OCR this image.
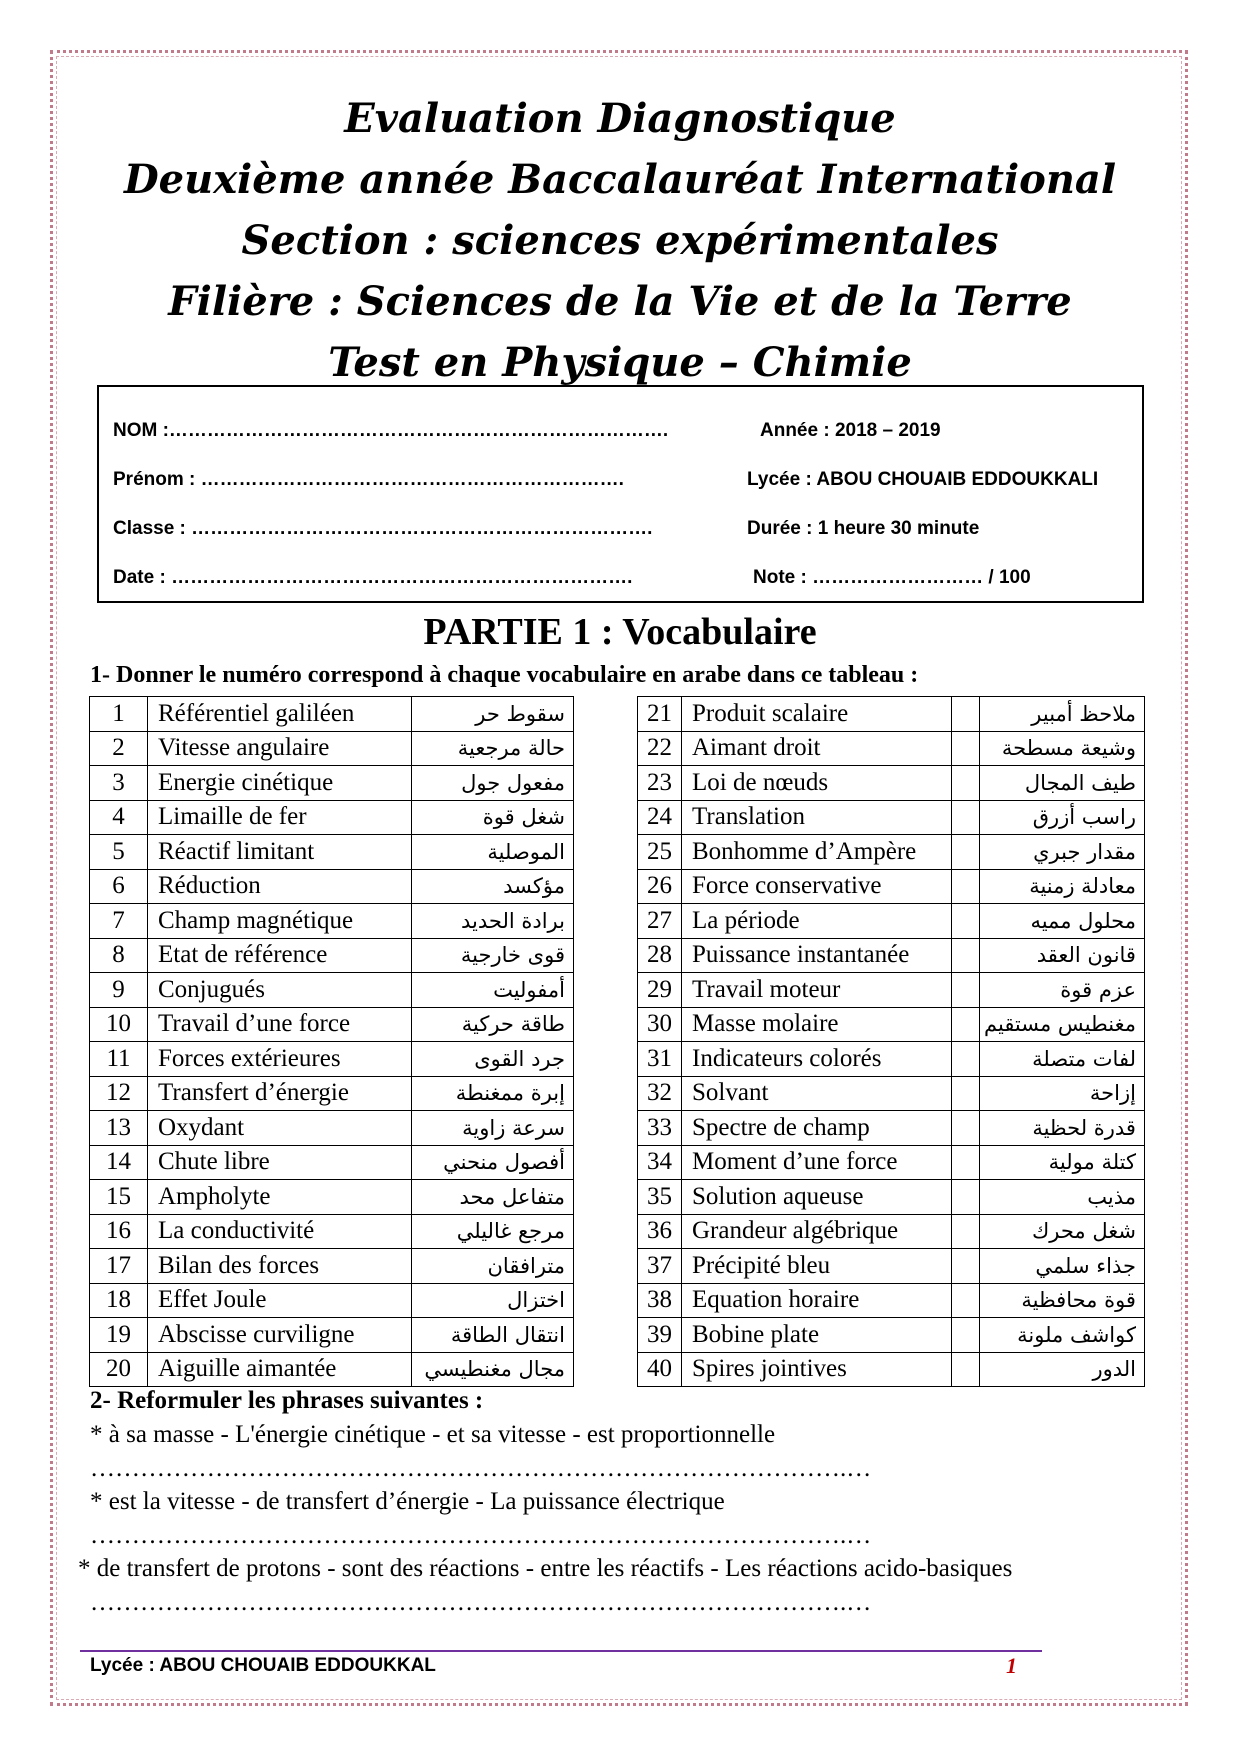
Evaluation Diagnostique
Deuxième année Baccalauréat International
Section : sciences expérimentales
Filière : Sciences de la Vie et de la Terre
Test en Physique – Chimie
NOM :…………………………………………………………………….	Année : 2018 – 2019
Prénom : ………………………………………………………….	Lycée : ABOU CHOUAIB EDDOUKKALI
Classe : ……………………………………………………………….	Durée : 1 heure 30 minute
Date : ……………………………………………………………….	Note : ……………………… / 100
PARTIE 1 : Vocabulaire
1- Donner le numéro correspond à chaque vocabulaire en arabe dans ce tableau :
1	Référentiel galiléen	سقوط حر
2	Vitesse angulaire	حالة مرجعية
3	Energie cinétique	مفعول جول
4	Limaille de fer	شغل قوة
5	Réactif limitant	الموصلية
6	Réduction	مؤكسد
7	Champ magnétique	برادة الحديد
8	Etat de référence	قوى خارجية
9	Conjugués	أمفوليت
10	Travail d’une force	طاقة حركية
11	Forces extérieures	جرد القوى
12	Transfert d’énergie	إبرة ممغنطة
13	Oxydant	سرعة زاوية
14	Chute libre	أفصول منحني
15	Ampholyte	متفاعل محد
16	La conductivité	مرجع غاليلي
17	Bilan des forces	مترافقان
18	Effet Joule	اختزال
19	Abscisse curviligne	انتقال الطاقة
20	Aiguille aimantée	مجال مغنطيسي
21	Produit scalaire		ملاحظ أمبير
22	Aimant droit		وشيعة مسطحة
23	Loi de nœuds		طيف المجال
24	Translation		راسب أزرق
25	Bonhomme d’Ampère		مقدار جبري
26	Force conservative		معادلة زمنية
27	La période		محلول مميه
28	Puissance instantanée		قانون العقد
29	Travail moteur		عزم قوة
30	Masse molaire		مغنطيس مستقيم
31	Indicateurs colorés		لفات متصلة
32	Solvant		إزاحة
33	Spectre de champ		قدرة لحظية
34	Moment d’une force		كتلة مولية
35	Solution aqueuse		مذيب
36	Grandeur algébrique		شغل محرك
37	Précipité bleu		جذاء سلمي
38	Equation horaire		قوة محافظية
39	Bobine plate		كواشف ملونة
40	Spires jointives		الدور
2- Reformuler les phrases suivantes :
* à sa masse - L'énergie cinétique - et sa vitesse - est proportionnelle
……………………………………………………………………………….…
* est la vitesse - de transfert d’énergie - La puissance électrique
……………………………………………………………………………….…
* de transfert de protons - sont des réactions - entre les réactifs - Les réactions acido-basiques
……………………………………………………………………………….…
Lycée : ABOU CHOUAIB EDDOUKKAL	1
